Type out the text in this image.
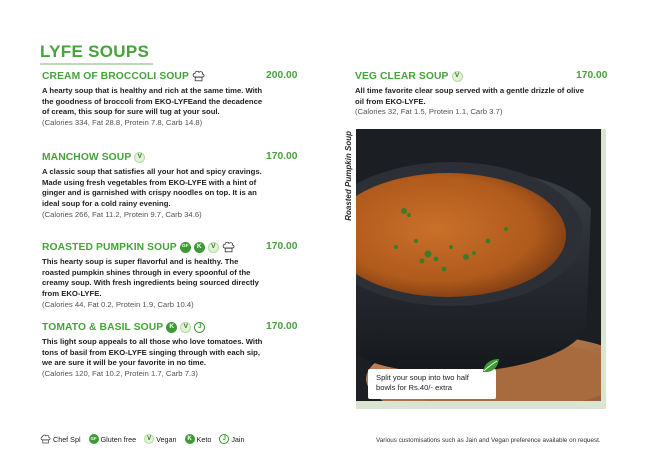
LYFE SOUPS
CREAM OF BROCCOLI SOUP
A hearty soup that is healthy and rich at the same time. With the goodness of broccoli from EKO-LYFEand the decadence of cream, this soup for sure will tug at your soul.
(Calories 334, Fat 28.8, Protein 7.8, Carb 14.8)
200.00
MANCHOW SOUP V
A classic soup that satisfies all your hot and spicy cravings. Made using fresh vegetables from EKO-LYFE with a hint of ginger and is garnished with crispy noodles on top. It is an ideal soup for a cold rainy evening.
(Calories 266, Fat 11.2, Protein 9.7, Carb 34.6)
170.00
ROASTED PUMPKIN SOUP	GF	K	V
This hearty soup is super flavorful and is healthy. The roasted pumpkin shines through in every spoonful of the creamy soup. With fresh ingredients being sourced directly from EKO-LYFE.
(Calories 44, Fat 0.2, Protein 1.9, Carb 10.4)
170.00
TOMATO & BASIL SOUP K	V	J
This light soup appeals to all those who love tomatoes. With tons of basil from EKO-LYFE singing through with each sip, we are sure it will be your favorite in no time.
(Calories 120, Fat 10.2, Protein 1.7, Carb 7.3)
170.00
VEG CLEAR SOUP V
All time favorite clear soup served with a gentle drizzle of olive oil from EKO-LYFE.
(Calories 32, Fat 1.5, Protein 1.1, Carb 3.7)
170.00
Roasted Pumpkin Soup
Split your soup into two half bowls for Rs.40/- extra
Chef Spl	GF Gluten free	V Vegan	K Keto	J Jain	Various customisations such as Jain and Vegan preference available on request.
